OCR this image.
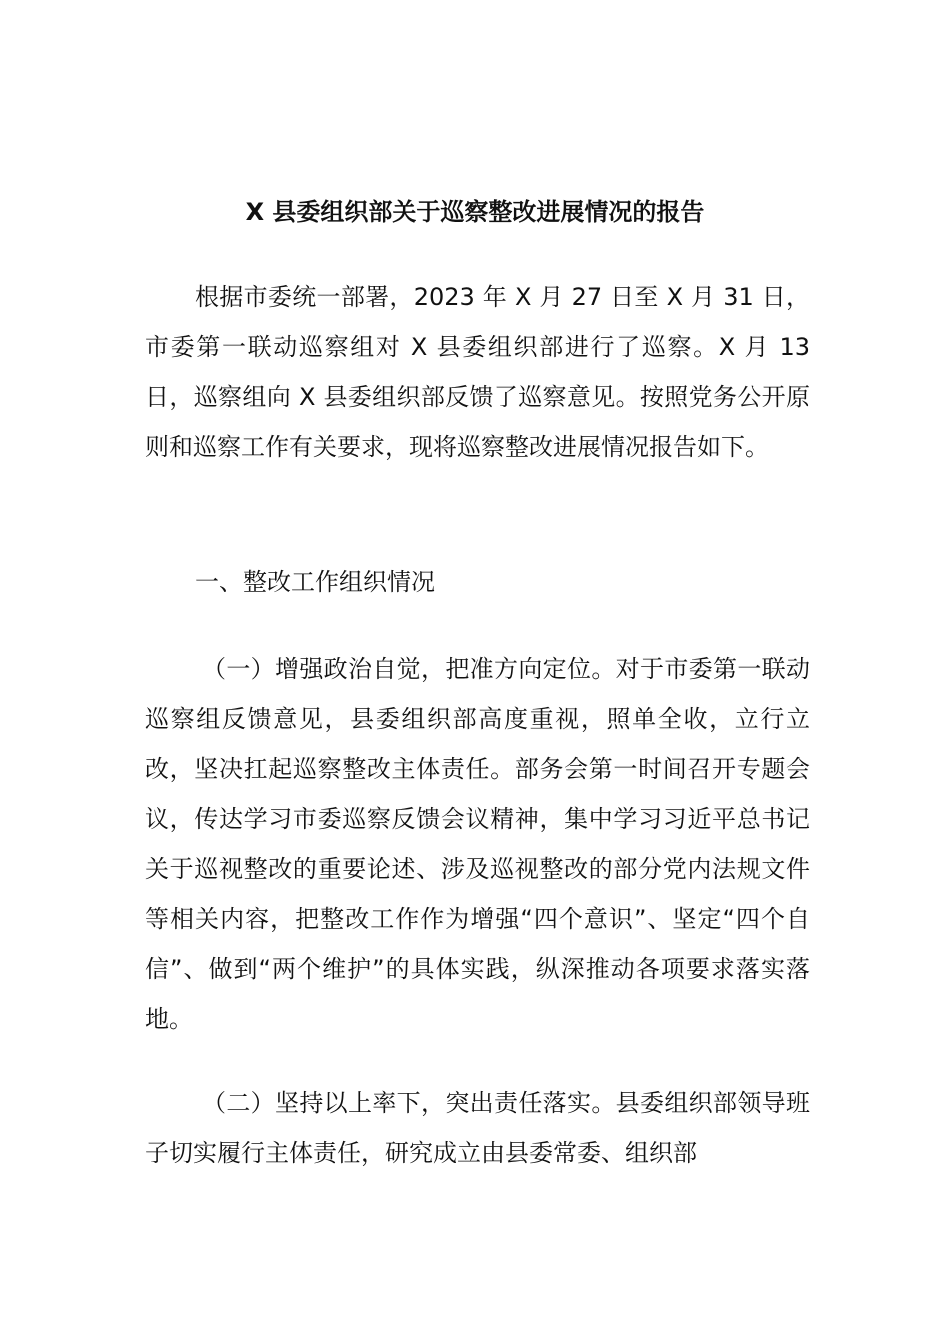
X 县委组织部关于巡察整改进展情况的报告

根据市委统一部署，2023 年 X 月 27 日至 X 月 31 日，市委第一联动巡察组对 X 县委组织部进行了巡察。X 月 13 日，巡察组向 X 县委组织部反馈了巡察意见。按照党务公开原则和巡察工作有关要求，现将巡察整改进展情况报告如下。

一、整改工作组织情况

（一）增强政治自觉，把准方向定位。对于市委第一联动巡察组反馈意见，县委组织部高度重视，照单全收，立行立改，坚决扛起巡察整改主体责任。部务会第一时间召开专题会议，传达学习市委巡察反馈会议精神，集中学习习近平总书记关于巡视整改的重要论述、涉及巡视整改的部分党内法规文件等相关内容，把整改工作作为增强“四个意识”、坚定“四个自信”、做到“两个维护”的具体实践，纵深推动各项要求落实落地。

（二）坚持以上率下，突出责任落实。县委组织部领导班子切实履行主体责任，研究成立由县委常委、组织部
